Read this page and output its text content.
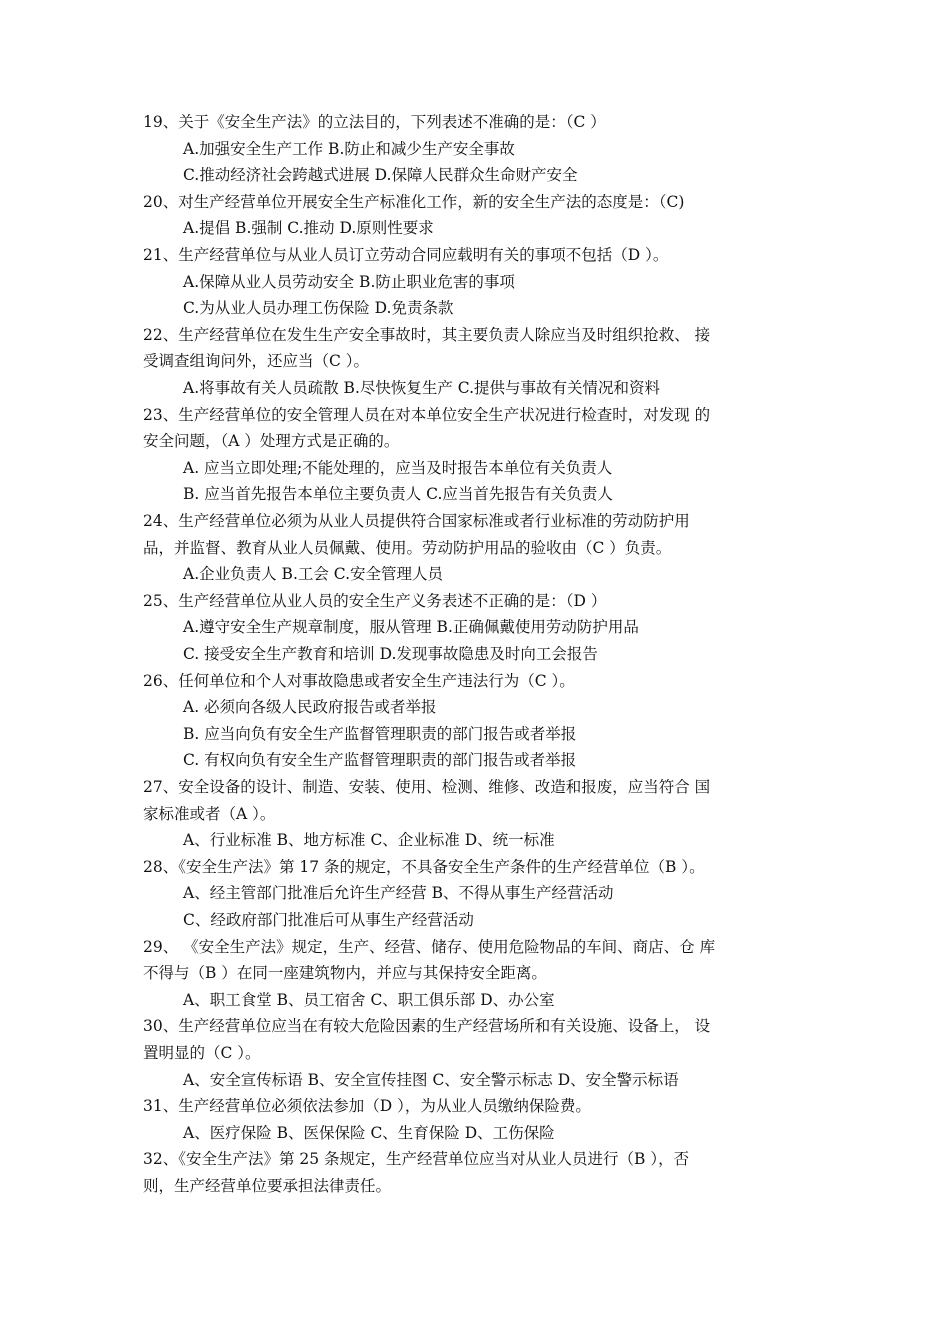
19、关于《安全生产法》的立法目的，下列表述不准确的是：（C ）
A.加强安全生产工作 B.防止和减少生产安全事故
C.推动经济社会跨越式进展 D.保障人民群众生命财产安全
20、对生产经营单位开展安全生产标准化工作，新的安全生产法的态度是：（C)
A.提倡 B.强制 C.推动 D.原则性要求
21、生产经营单位与从业人员订立劳动合同应载明有关的事项不包括（D ）。
A.保障从业人员劳动安全 B.防止职业危害的事项
C.为从业人员办理工伤保险 D.免责条款
22、生产经营单位在发生生产安全事故时，其主要负责人除应当及时组织抢救、 接
受调查组询问外，还应当（C ）。
A.将事故有关人员疏散 B.尽快恢复生产 C.提供与事故有关情况和资料
23、生产经营单位的安全管理人员在对本单位安全生产状况进行检查时，对发现 的
安全问题，（A ）处理方式是正确的。
A. 应当立即处理;不能处理的，应当及时报告本单位有关负责人
B. 应当首先报告本单位主要负责人 C.应当首先报告有关负责人
24、生产经营单位必须为从业人员提供符合国家标准或者行业标准的劳动防护用
品，并监督、教育从业人员佩戴、使用。劳动防护用品的验收由（C ）负责。
A.企业负责人 B.工会 C.安全管理人员
25、生产经营单位从业人员的安全生产义务表述不正确的是：（D ）
A.遵守安全生产规章制度，服从管理 B.正确佩戴使用劳动防护用品
C. 接受安全生产教育和培训 D.发现事故隐患及时向工会报告
26、任何单位和个人对事故隐患或者安全生产违法行为（C ）。
A. 必须向各级人民政府报告或者举报
B. 应当向负有安全生产监督管理职责的部门报告或者举报
C. 有权向负有安全生产监督管理职责的部门报告或者举报
27、安全设备的设计、制造、安装、使用、检测、维修、改造和报废，应当符合 国
家标准或者（A ）。
A、行业标准 B、地方标准 C、企业标准 D、统一标准
28、《安全生产法》第 17 条的规定，不具备安全生产条件的生产经营单位（B ）。
A、经主管部门批准后允许生产经营 B、不得从事生产经营活动
C、经政府部门批准后可从事生产经营活动
29、 《安全生产法》规定，生产、经营、储存、使用危险物品的车间、商店、仓 库
不得与（B ）在同一座建筑物内，并应与其保持安全距离。
A、职工食堂 B、员工宿舍 C、职工俱乐部 D、办公室
30、生产经营单位应当在有较大危险因素的生产经营场所和有关设施、设备上， 设
置明显的（C ）。
A、安全宣传标语 B、安全宣传挂图 C、安全警示标志 D、安全警示标语
31、生产经营单位必须依法参加（D ），为从业人员缴纳保险费。
A、医疗保险 B、医保保险 C、生育保险 D、工伤保险
32、《安全生产法》第 25 条规定，生产经营单位应当对从业人员进行（B ），否
则，生产经营单位要承担法律责任。
